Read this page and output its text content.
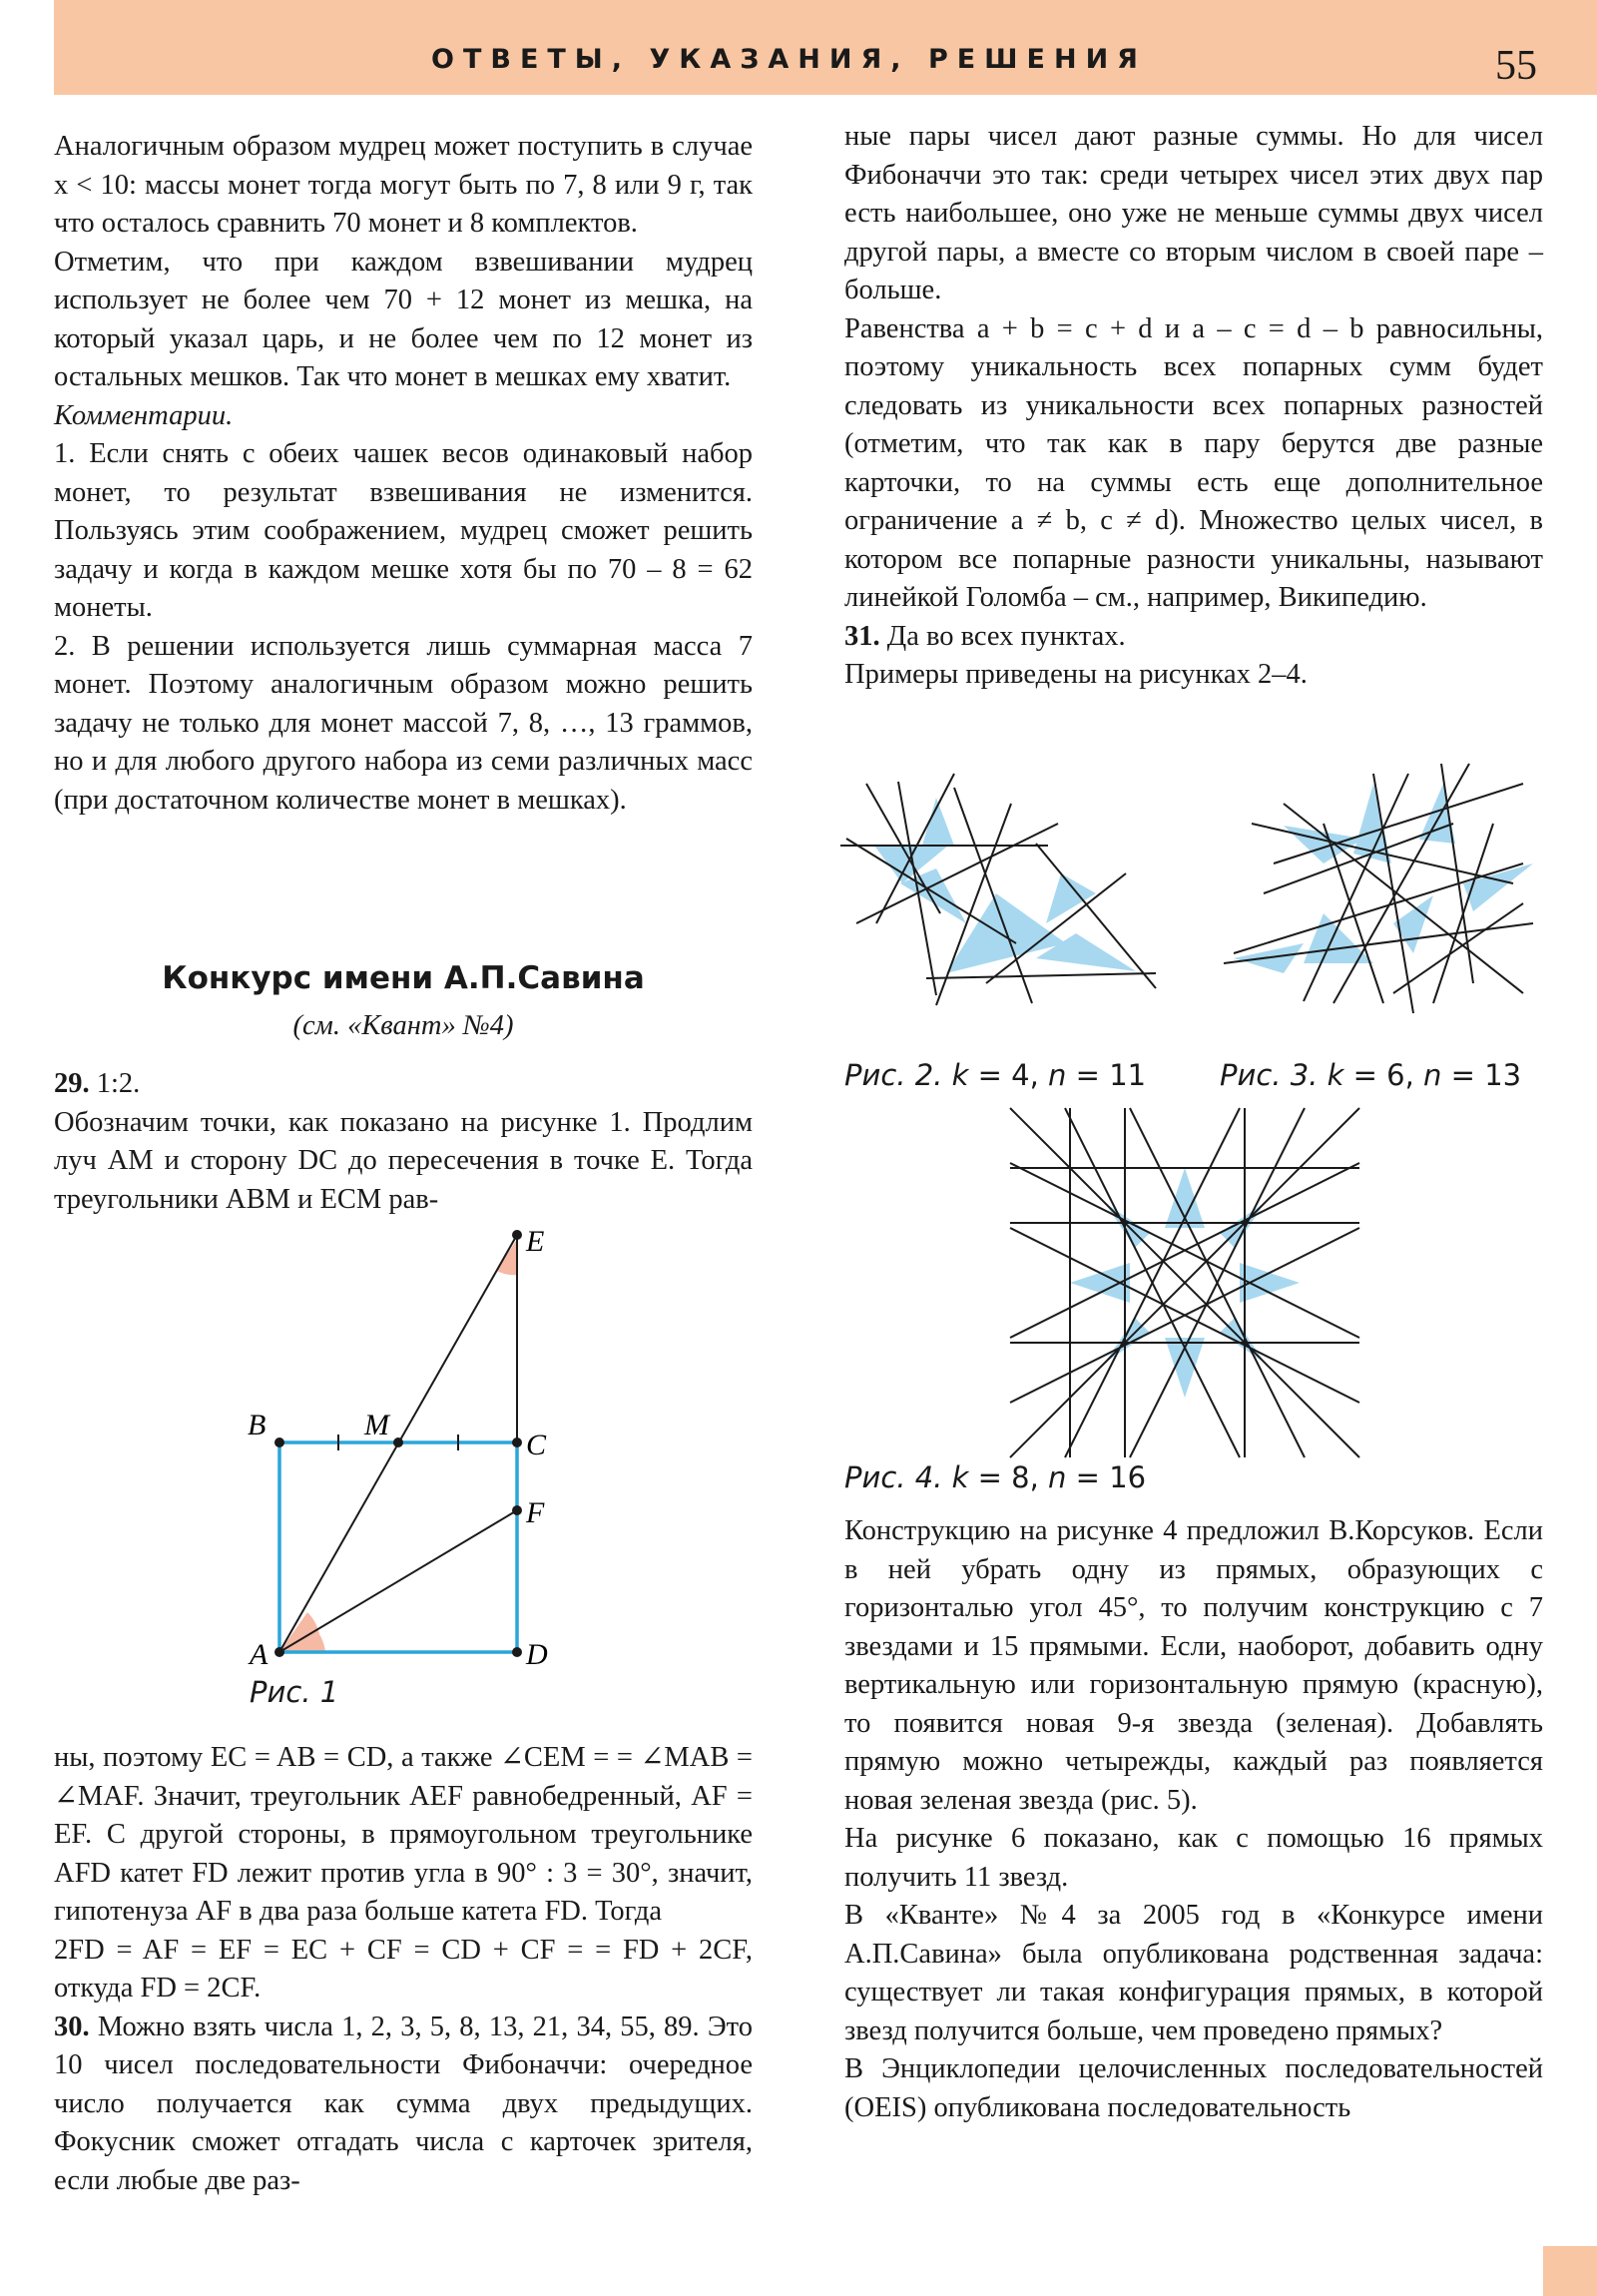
ОТВЕТЫ, УКАЗАНИЯ, РЕШЕНИЯ	55

Аналогичным образом мудрец может поступить в случае x < 10: массы монет тогда могут быть по 7, 8 или 9 г, так что осталось сравнить 70 монет и 8 комплектов.

Отметим, что при каждом взвешивании мудрец использует не более чем 70 + 12 монет из мешка, на который указал царь, и не более чем по 12 монет из остальных мешков. Так что монет в мешках ему хватит.

Комментарии.

1. Если снять с обеих чашек весов одинаковый набор монет, то результат взвешивания не изменится. Пользуясь этим соображением, мудрец сможет решить задачу и когда в каждом мешке хотя бы по 70 – 8 = 62 монеты.

2. В решении используется лишь суммарная масса 7 монет. Поэтому аналогичным образом можно решить задачу не только для монет массой 7, 8, …, 13 граммов, но и для любого другого набора из семи различных масс (при достаточном количестве монет в мешках).

Конкурс имени А.П.Савина
(см. «Квант» №4)

29. 1:2.

Обозначим точки, как показано на рисунке 1. Продлим луч AM и сторону DC до пересечения в точке E. Тогда треугольники ABM и ECM рав-

E
B	M
C
F
A	D
Рис. 1

ны, поэтому EC = AB = CD, а также ∠CEM = = ∠MAB = ∠MAF. Значит, треугольник AEF равнобедренный, AF = EF. С другой стороны, в прямоугольном треугольнике AFD катет FD лежит против угла в 90° : 3 = 30°, значит, гипотенуза AF в два раза больше катета FD. Тогда

2FD = AF = EF = EC + CF = CD + CF = = FD + 2CF, откуда FD = 2CF.

30. Можно взять числа 1, 2, 3, 5, 8, 13, 21, 34, 55, 89. Это 10 чисел последовательности Фибоначчи: очередное число получается как сумма двух предыдущих. Фокусник сможет отгадать числа с карточек зрителя, если любые две раз-

ные пары чисел дают разные суммы. Но для чисел Фибоначчи это так: среди четырех чисел этих двух пар есть наибольшее, оно уже не меньше суммы двух чисел другой пары, а вместе со вторым числом в своей паре – больше.

Равенства a + b = c + d и a – c = d – b равносильны, поэтому уникальность всех попарных сумм будет следовать из уникальности всех попарных разностей (отметим, что так как в пару берутся две разные карточки, то на суммы есть еще дополнительное ограничение a ≠ b, c ≠ d). Множество целых чисел, в котором все попарные разности уникальны, называют линейкой Голомба – см., например, Википедию.

31. Да во всех пунктах.

Примеры приведены на рисунках 2–4.

Рис. 2. k = 4, n = 11	Рис. 3. k = 6, n = 13
Рис. 4. k = 8, n = 16

Конструкцию на рисунке 4 предложил В.Корсуков. Если в ней убрать одну из прямых, образующих с горизонталью угол 45°, то получим конструкцию с 7 звездами и 15 прямыми. Если, наоборот, добавить одну вертикальную или горизонтальную прямую (красную), то появится новая 9-я звезда (зеленая). Добавлять прямую можно четырежды, каждый раз появляется новая зеленая звезда (рис. 5).

На рисунке 6 показано, как с помощью 16 прямых получить 11 звезд.

В «Кванте» №4 за 2005 год в «Конкурсе имени А.П.Савина» была опубликована родственная задача: существует ли такая конфигурация прямых, в которой звезд получится больше, чем проведено прямых?

В Энциклопедии целочисленных последовательностей (OEIS) опубликована последовательность
